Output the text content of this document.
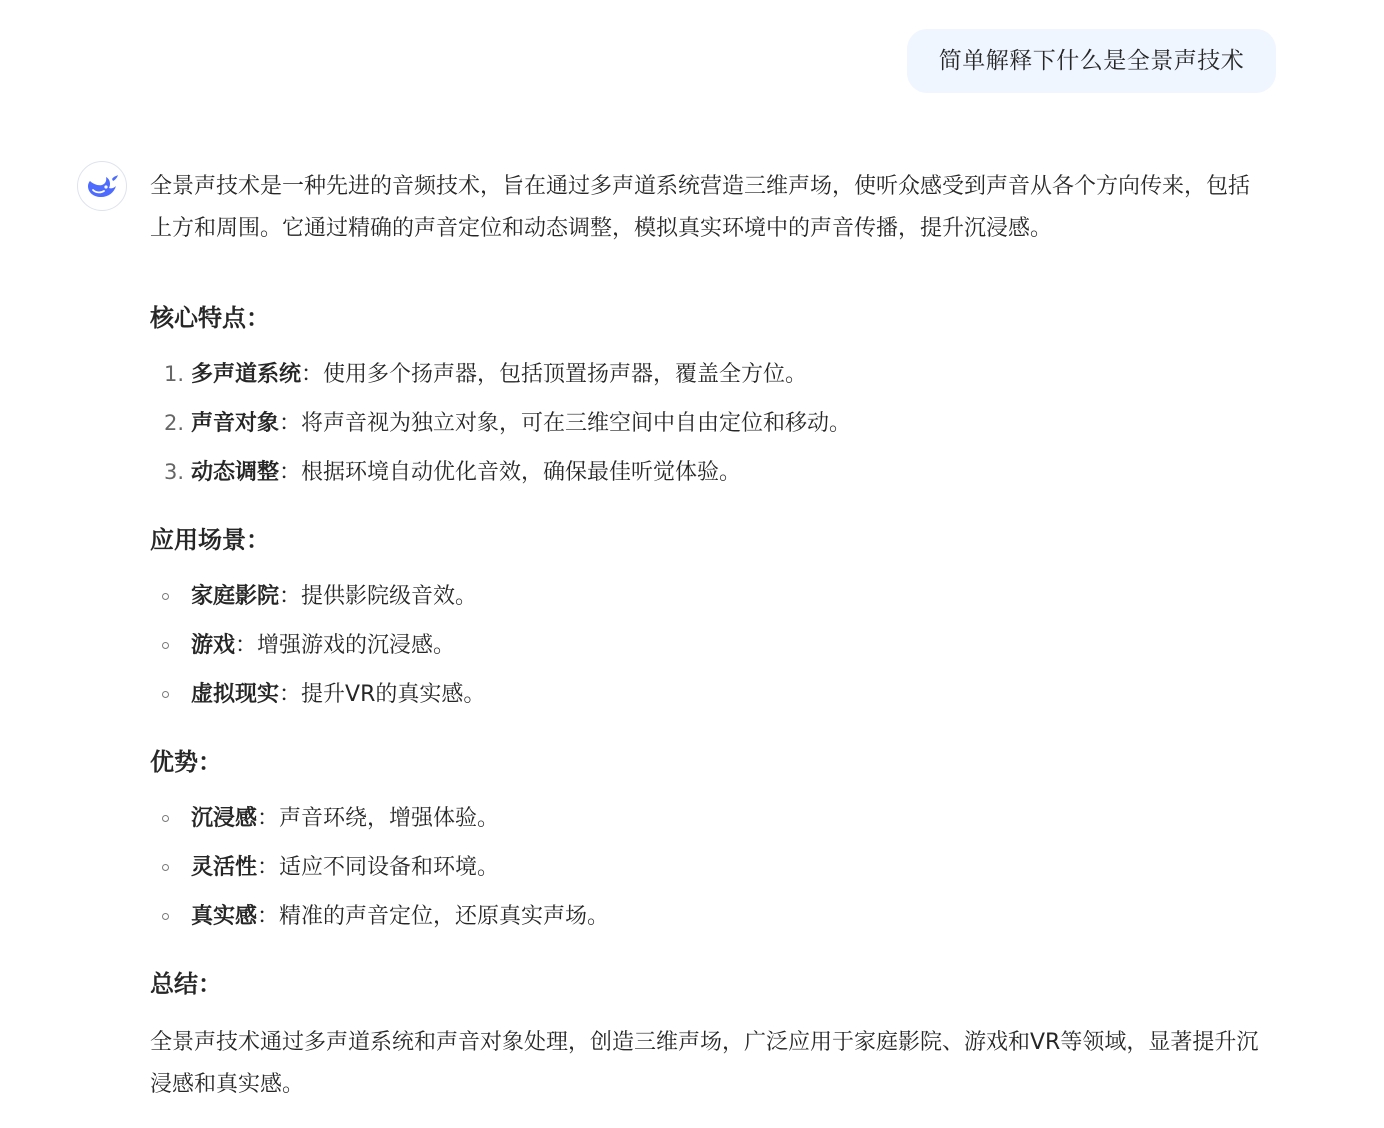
简单解释下什么是全景声技术

全景声技术是一种先进的音频技术，旨在通过多声道系统营造三维声场，使听众感受到声音从各个方向传来，包括上方和周围。它通过精确的声音定位和动态调整，模拟真实环境中的声音传播，提升沉浸感。

核心特点：
1. 多声道系统：使用多个扬声器，包括顶置扬声器，覆盖全方位。
2. 声音对象：将声音视为独立对象，可在三维空间中自由定位和移动。
3. 动态调整：根据环境自动优化音效，确保最佳听觉体验。
应用场景：
家庭影院：提供影院级音效。
游戏：增强游戏的沉浸感。
虚拟现实：提升VR的真实感。
优势：
沉浸感：声音环绕，增强体验。
灵活性：适应不同设备和环境。
真实感：精准的声音定位，还原真实声场。
总结：

全景声技术通过多声道系统和声音对象处理，创造三维声场，广泛应用于家庭影院、游戏和VR等领域，显著提升沉浸感和真实感。
